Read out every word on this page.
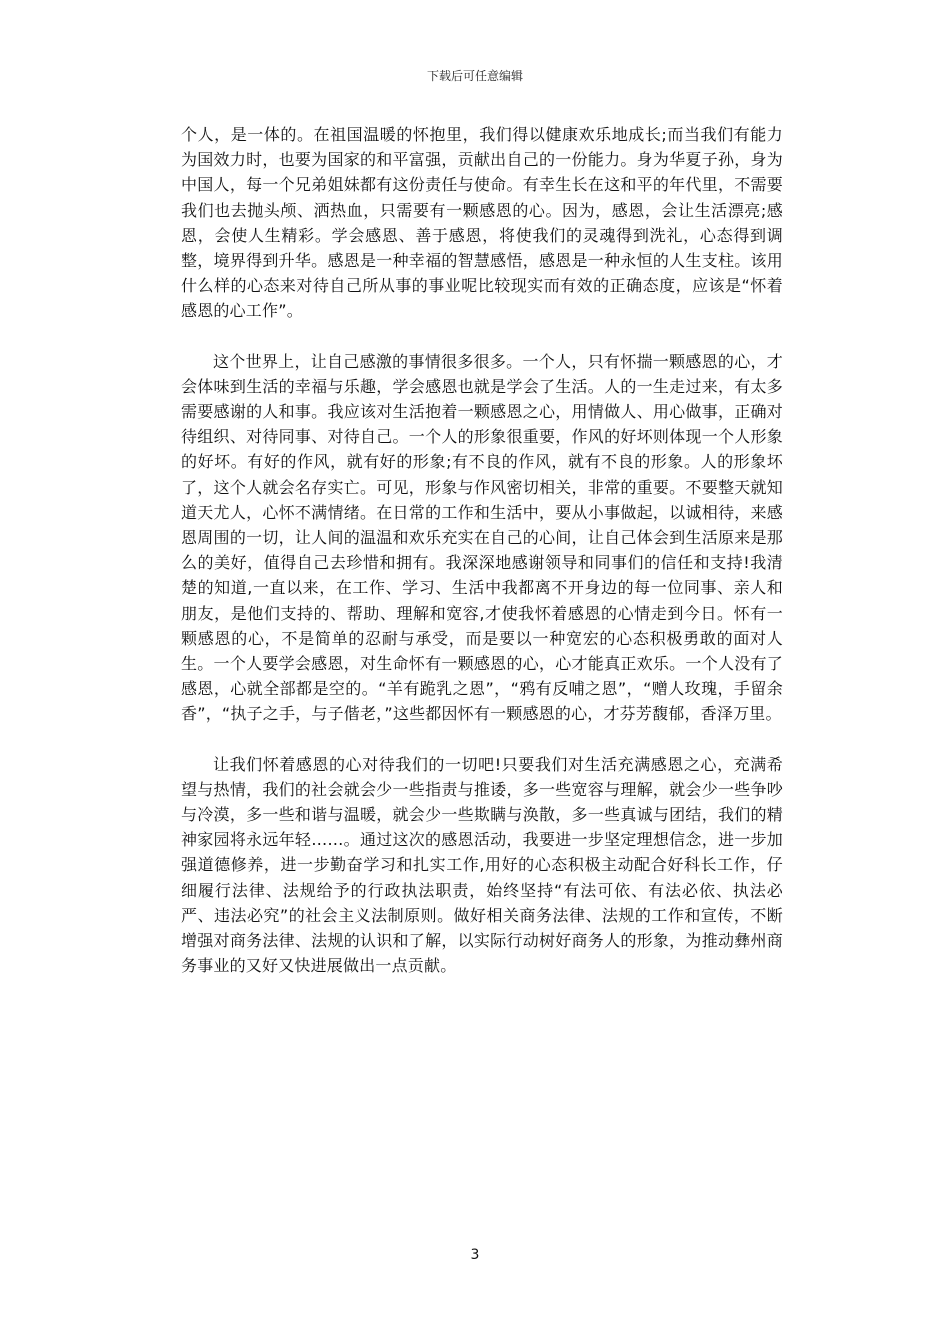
下载后可任意编辑

个人，是一体的。在祖国温暖的怀抱里，我们得以健康欢乐地成长;而当我们有能力为国效力时，也要为国家的和平富强，贡献出自己的一份能力。身为华夏子孙，身为中国人，每一个兄弟姐妹都有这份责任与使命。有幸生长在这和平的年代里，不需要我们也去抛头颅、洒热血，只需要有一颗感恩的心。因为，感恩，会让生活漂亮;感恩，会使人生精彩。学会感恩、善于感恩，将使我们的灵魂得到洗礼，心态得到调整，境界得到升华。感恩是一种幸福的智慧感悟，感恩是一种永恒的人生支柱。该用什么样的心态来对待自己所从事的事业呢比较现实而有效的正确态度，应该是“怀着感恩的心工作”。

这个世界上，让自己感激的事情很多很多。一个人，只有怀揣一颗感恩的心，才会体味到生活的幸福与乐趣，学会感恩也就是学会了生活。人的一生走过来，有太多需要感谢的人和事。我应该对生活抱着一颗感恩之心，用情做人、用心做事，正确对待组织、对待同事、对待自己。一个人的形象很重要，作风的好坏则体现一个人形象的好坏。有好的作风，就有好的形象;有不良的作风，就有不良的形象。人的形象坏了，这个人就会名存实亡。可见，形象与作风密切相关，非常的重要。不要整天就知道天尤人，心怀不满情绪。在日常的工作和生活中，要从小事做起，以诚相待，来感恩周围的一切，让人间的温温和欢乐充实在自己的心间，让自己体会到生活原来是那么的美好，值得自己去珍惜和拥有。我深深地感谢领导和同事们的信任和支持!我清楚的知道,一直以来，在工作、学习、生活中我都离不开身边的每一位同事、亲人和朋友，是他们支持的、帮助、理解和宽容,才使我怀着感恩的心情走到今日。怀有一颗感恩的心，不是简单的忍耐与承受，而是要以一种宽宏的心态积极勇敢的面对人生。一个人要学会感恩，对生命怀有一颗感恩的心，心才能真正欢乐。一个人没有了感恩，心就全部都是空的。“羊有跪乳之恩”，“鸦有反哺之恩”，“赠人玫瑰，手留余香”，“执子之手，与子偕老，”这些都因怀有一颗感恩的心，才芬芳馥郁，香泽万里。

让我们怀着感恩的心对待我们的一切吧!只要我们对生活充满感恩之心，充满希望与热情，我们的社会就会少一些指责与推诿，多一些宽容与理解，就会少一些争吵与冷漠，多一些和谐与温暖，就会少一些欺瞒与涣散，多一些真诚与团结，我们的精神家园将永远年轻……。通过这次的感恩活动，我要进一步坚定理想信念，进一步加强道德修养，进一步勤奋学习和扎实工作,用好的心态积极主动配合好科长工作，仔细履行法律、法规给予的行政执法职责，始终坚持“有法可依、有法必依、执法必严、违法必究”的社会主义法制原则。做好相关商务法律、法规的工作和宣传，不断增强对商务法律、法规的认识和了解，以实际行动树好商务人的形象，为推动彝州商务事业的又好又快进展做出一点贡献。

3
